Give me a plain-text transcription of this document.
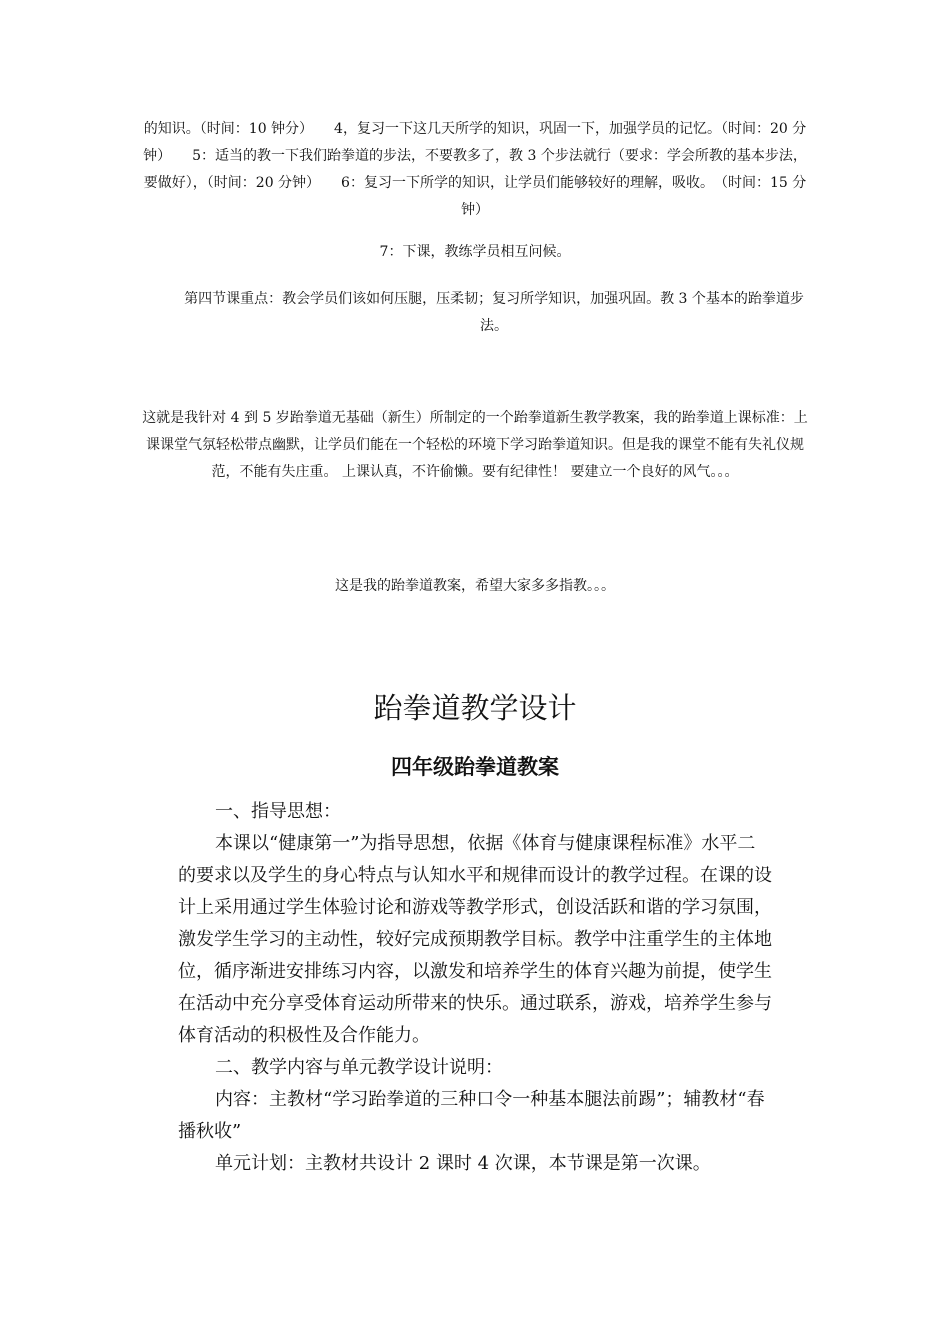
的知识。（时间：10 钟分）　　4，复习一下这几天所学的知识，巩固一下，加强学员的记忆。（时间：20 分钟）　　5：适当的教一下我们跆拳道的步法，不要教多了，教 3 个步法就行（要求：学会所教的基本步法，要做好），（时间：20 分钟）　　6：复习一下所学的知识，让学员们能够较好的理解，吸收。　（时间：15 分钟）
7：下课，教练学员相互问候。
第四节课重点：教会学员们该如何压腿，压柔韧；复习所学知识，加强巩固。教 3 个基本的跆拳道步法。
这就是我针对 4 到 5 岁跆拳道无基础（新生）所制定的一个跆拳道新生教学教案，我的跆拳道上课标准：上课课堂气氛轻松带点幽默，让学员们能在一个轻松的环境下学习跆拳道知识。但是我的课堂不能有失礼仪规范，不能有失庄重。 上课认真，不许偷懒。要有纪律性！ 要建立一个良好的风气。。。
这是我的跆拳道教案，希望大家多多指教。。。
跆拳道教学设计
四年级跆拳道教案

一、指导思想：

本课以“健康第一”为指导思想，依据《体育与健康课程标准》水平二的要求以及学生的身心特点与认知水平和规律而设计的教学过程。在课的设计上采用通过学生体验讨论和游戏等教学形式，创设活跃和谐的学习氛围，激发学生学习的主动性，较好完成预期教学目标。教学中注重学生的主体地位，循序渐进安排练习内容，以激发和培养学生的体育兴趣为前提，使学生在活动中充分享受体育运动所带来的快乐。通过联系，游戏，培养学生参与体育活动的积极性及合作能力。

二、教学内容与单元教学设计说明：

内容：主教材“学习跆拳道的三种口令一种基本腿法前踢”；辅教材“春播秋收”

单元计划：主教材共设计 2 课时 4 次课，本节课是第一次课。
